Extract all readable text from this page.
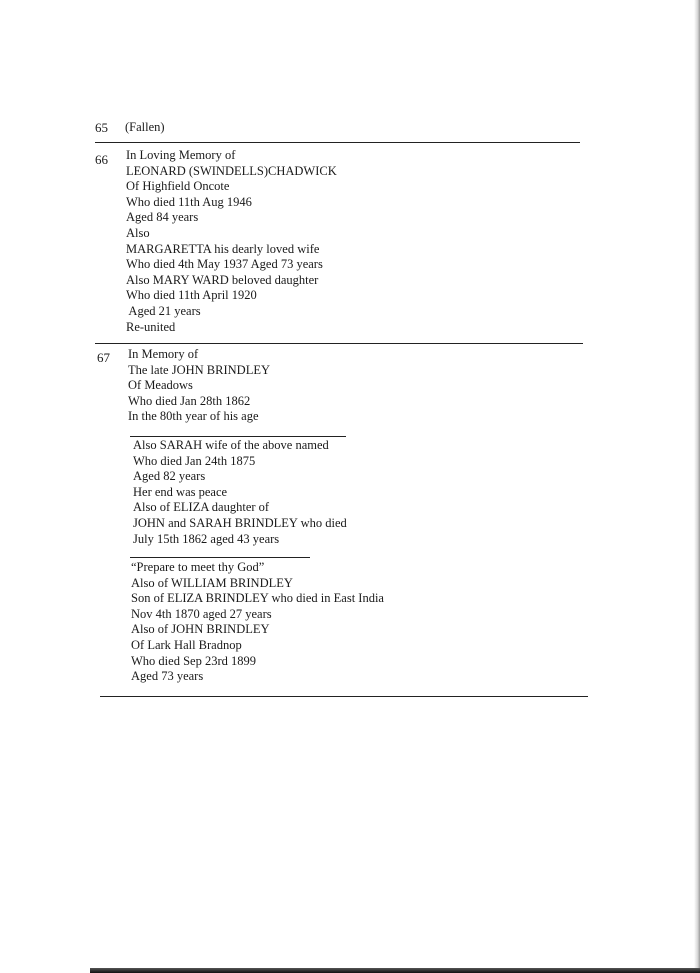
65 (Fallen)
66 In Loving Memory of
LEONARD (SWINDELLS)CHADWICK
Of Highfield Oncote
Who died 11th Aug 1946
Aged 84 years
Also
MARGARETTA his dearly loved wife
Who died 4th May 1937 Aged 73 years
Also MARY WARD beloved daughter
Who died 11th April 1920
Aged 21 years
Re-united
67 In Memory of
The late JOHN BRINDLEY
Of Meadows
Who died Jan 28th 1862
In the 80th year of his age
Also SARAH wife of the above named
Who died Jan 24th 1875
Aged 82 years
Her end was peace
Also of ELIZA daughter of
JOHN and SARAH BRINDLEY who died
July 15th 1862 aged 43 years
“Prepare to meet thy God”
Also of WILLIAM BRINDLEY
Son of ELIZA BRINDLEY who died in East India
Nov 4th 1870 aged 27 years
Also of JOHN BRINDLEY
Of Lark Hall Bradnop
Who died Sep 23rd 1899
Aged 73 years
